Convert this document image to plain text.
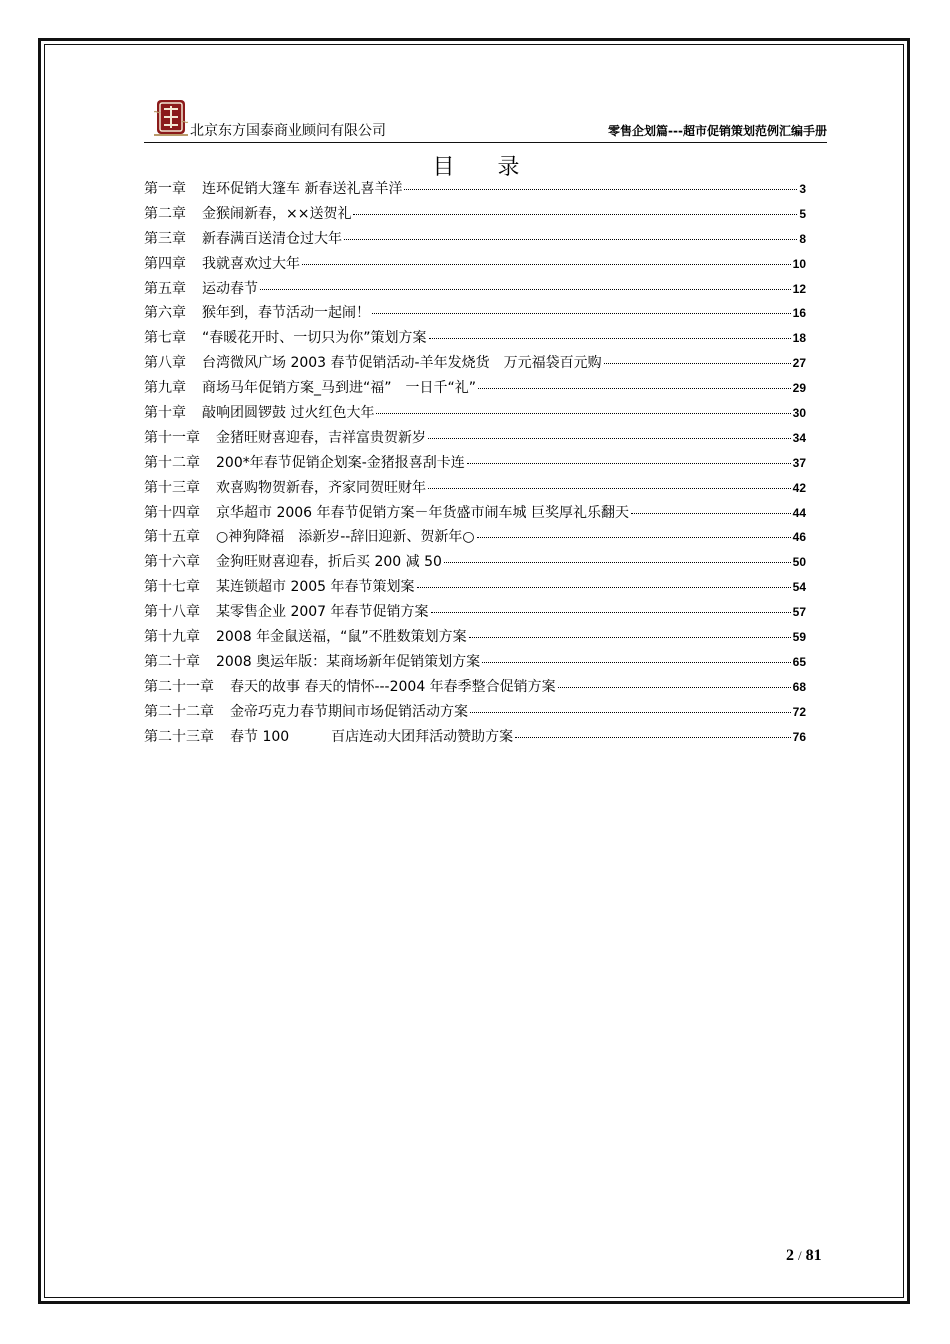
北京东方国泰商业顾问有限公司	零售企划篇---超市促销策划范例汇编手册
目 录
第一章 连环促销大篷车 新春送礼喜羊洋	3
第二章 金猴闹新春，××送贺礼	5
第三章 新春满百送清仓过大年	8
第四章 我就喜欢过大年	10
第五章 运动春节	12
第六章 猴年到，春节活动一起闹！	16
第七章 “春暖花开时、一切只为你”策划方案	18
第八章 台湾微风广场 2003 春节促销活动-羊年发烧货　万元福袋百元购	27
第九章 商场马年促销方案_马到进“福”　一日千“礼”	29
第十章 敲响团圆锣鼓 过火红色大年	30
第十一章 金猪旺财喜迎春，吉祥富贵贺新岁	34
第十二章 200*年春节促销企划案-金猪报喜刮卡连	37
第十三章 欢喜购物贺新春，齐家同贺旺财年	42
第十四章 京华超市 2006 年春节促销方案－年货盛市闹车城 巨奖厚礼乐翻天	44
第十五章 ○神狗降福　添新岁--辞旧迎新、贺新年○	46
第十六章 金狗旺财喜迎春，折后买 200 减 50	50
第十七章 某连锁超市 2005 年春节策划案	54
第十八章 某零售企业 2007 年春节促销方案	57
第十九章 2008 年金鼠送福，“鼠”不胜数策划方案	59
第二十章 2008 奥运年版：某商场新年促销策划方案	65
第二十一章 春天的故事 春天的情怀---2004 年春季整合促销方案	68
第二十二章 金帝巧克力春节期间市场促销活动方案	72
第二十三章 春节 100　　　百店连动大团拜活动赞助方案	76
2 / 81
